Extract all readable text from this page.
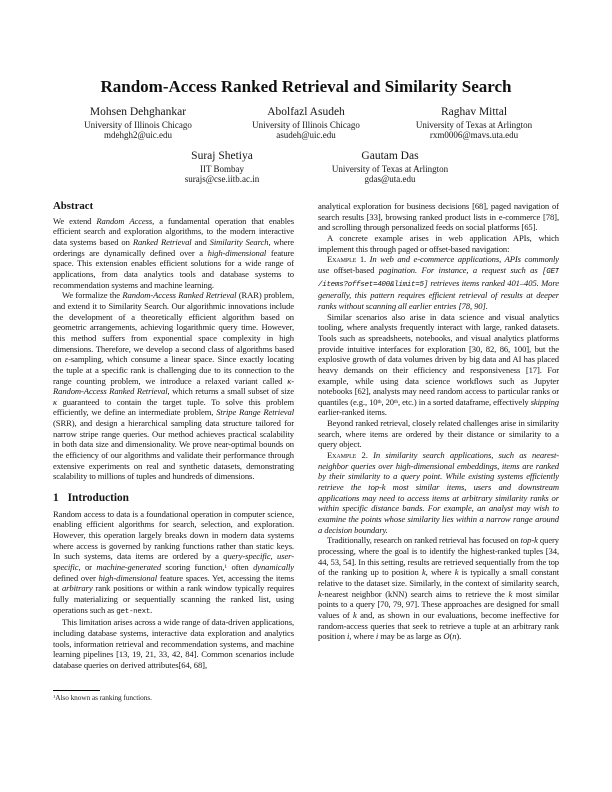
Random-Access Ranked Retrieval and Similarity Search
Mohsen Dehghankar
University of Illinois Chicago
mdehgh2@uic.edu
Abolfazl Asudeh
University of Illinois Chicago
asudeh@uic.edu
Raghav Mittal
University of Texas at Arlington
rxm0006@mavs.uta.edu
Suraj Shetiya
IIT Bombay
surajs@cse.iitb.ac.in
Gautam Das
University of Texas at Arlington
gdas@uta.edu
Abstract

We extend Random Access, a fundamental operation that enables efficient search and exploration algorithms, to the modern interactive data systems based on Ranked Retrieval and Similarity Search, where orderings are dynamically defined over a high-dimensional feature space. This extension enables efficient solutions for a wide range of applications, from data analytics tools and database systems to recommendation systems and machine learning.

We formalize the Random-Access Ranked Retrieval (RAR) problem, and extend it to Similarity Search. Our algorithmic innovations include the development of a theoretically efficient algorithm based on geometric arrangements, achieving logarithmic query time. However, this method suffers from exponential space complexity in high dimensions. Therefore, we develop a second class of algorithms based on ε-sampling, which consume a linear space. Since exactly locating the tuple at a specific rank is challenging due to its connection to the range counting problem, we introduce a relaxed variant called κ-Random-Access Ranked Retrieval, which returns a small subset of size κ guaranteed to contain the target tuple. To solve this problem efficiently, we define an intermediate problem, Stripe Range Retrieval (SRR), and design a hierarchical sampling data structure tailored for narrow stripe range queries. Our method achieves practical scalability in both data size and dimensionality. We prove near-optimal bounds on the efficiency of our algorithms and validate their performance through extensive experiments on real and synthetic datasets, demonstrating scalability to millions of tuples and hundreds of dimensions.

1 Introduction

Random access to data is a foundational operation in computer science, enabling efficient algorithms for search, selection, and exploration. However, this operation largely breaks down in modern data systems where access is governed by ranking functions rather than static keys. In such systems, data items are ordered by a query-specific, user-specific, or machine-generated scoring function,$^1$ often dynamically defined over high-dimensional feature spaces. Yet, accessing the items at arbitrary rank positions or within a rank window typically requires fully materializing or sequentially scanning the ranked list, using operations such as get-next.

This limitation arises across a wide range of data-driven applications, including database systems, interactive data exploration and analytics tools, information retrieval and recommendation systems, and machine learning pipelines [13, 19, 21, 33, 42, 84]. Common scenarios include database queries on derived attributes[64, 68],

analytical exploration for business decisions [68], paged navigation of search results [33], browsing ranked product lists in e-commerce [78], and scrolling through personalized feeds on social platforms [65].

A concrete example arises in web application APIs, which implement this through paged or offset-based navigation:

Example 1. In web and e-commerce applications, APIs commonly use offset-based pagination. For instance, a request such as [GET /items?offset=400&limit=5] retrieves items ranked 401–405. More generally, this pattern requires efficient retrieval of results at deeper ranks without scanning all earlier entries [78, 90].

Similar scenarios also arise in data science and visual analytics tooling, where analysts frequently interact with large, ranked datasets. Tools such as spreadsheets, notebooks, and visual analytics platforms provide intuitive interfaces for exploration [30, 82, 86, 100], but the explosive growth of data volumes driven by big data and AI has placed heavy demands on their efficiency and responsiveness [17]. For example, while using data science workflows such as Jupyter notebooks [62], analysts may need random access to particular ranks or quantiles (e.g., 10th, 20th, etc.) in a sorted dataframe, effectively skipping earlier-ranked items.

Beyond ranked retrieval, closely related challenges arise in similarity search, where items are ordered by their distance or similarity to a query object.

Example 2. In similarity search applications, such as nearest-neighbor queries over high-dimensional embeddings, items are ranked by their similarity to a query point. While existing systems efficiently retrieve the top-k most similar items, users and downstream applications may need to access items at arbitrary similarity ranks or within specific distance bands. For example, an analyst may wish to examine the points whose similarity lies within a narrow range around a decision boundary.

Traditionally, research on ranked retrieval has focused on top-k query processing, where the goal is to identify the highest-ranked tuples [34, 44, 53, 54]. In this setting, results are retrieved sequentially from the top of the ranking up to position k, where k is typically a small constant relative to the dataset size. Similarly, in the context of similarity search, k-nearest neighbor (kNN) search aims to retrieve the k most similar points to a query [70, 79, 97]. These approaches are designed for small values of k and, as shown in our evaluations, become ineffective for random-access queries that seek to retrieve a tuple at an arbitrary rank position i, where i may be as large as O(n).

$^1$Also known as ranking functions.
